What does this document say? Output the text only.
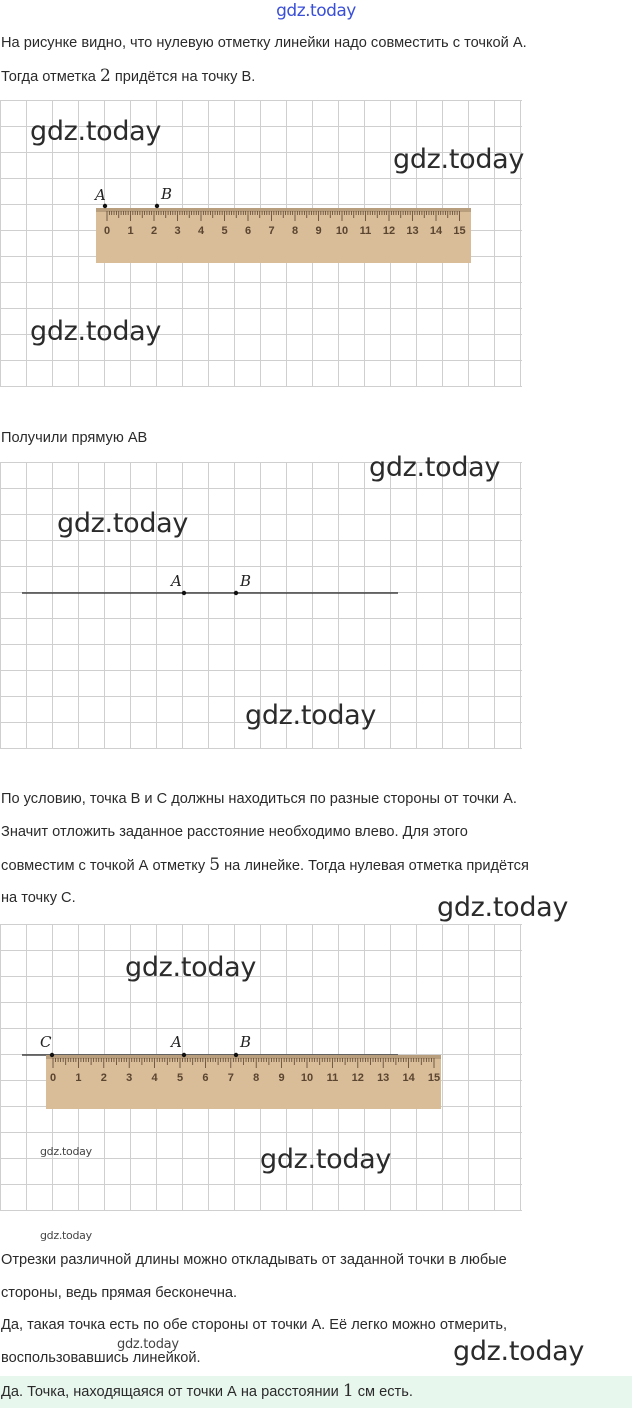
gdz.today
На рисунке видно, что нулевую отметку линейки надо совместить с точкой А.
Тогда отметка 2 придётся на точку В.
0 1 2 3 4 5 6 7 8 9 10 11 12 13 14 15
A	B
gdz.today
gdz.today
gdz.today
Получили прямую АВ
A	B
gdz.today
gdz.today
gdz.today
По условию, точка В и С должны находиться по разные стороны от точки А.
Значит отложить заданное расстояние необходимо влево. Для этого
совместим с точкой А отметку 5 на линейке. Тогда нулевая отметка придётся
на точку С.
0 1 2 3 4 5 6 7 8 9 10 11 12 13 14 15
C	A	B
gdz.today
gdz.today
gdz.today	gdz.today
gdz.today
Отрезки различной длины можно откладывать от заданной точки в любые
стороны, ведь прямая бесконечна.
Да, такая точка есть по обе стороны от точки А. Её легко можно отмерить,
воспользовавшись линейкой.
gdz.today	gdz.today
Да. Точка, находящаяся от точки А на расстоянии 1 см есть.
